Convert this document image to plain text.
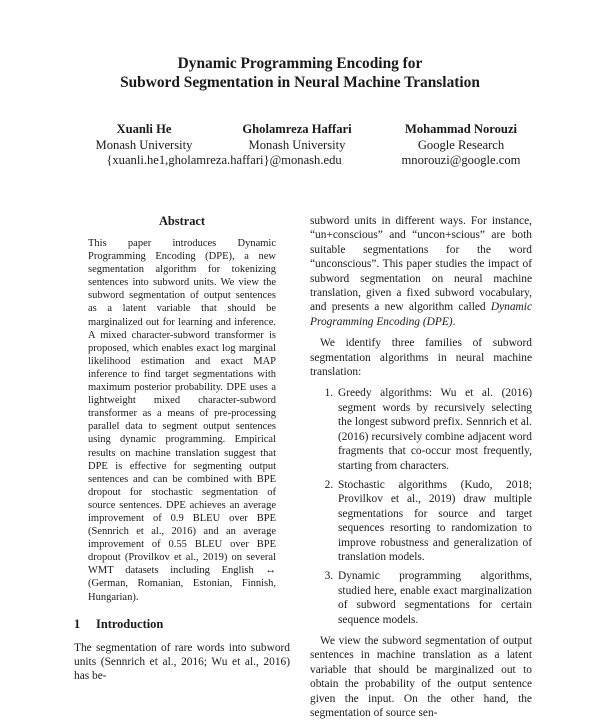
Dynamic Programming Encoding for
Subword Segmentation in Neural Machine Translation
Xuanli He
Monash University
Gholamreza Haffari
Monash University
Mohammad Norouzi
Google Research
{xuanli.he1,gholamreza.haffari}@monash.edu	mnorouzi@google.com
Abstract

This paper introduces Dynamic Programming Encoding (DPE), a new segmentation algorithm for tokenizing sentences into subword units. We view the subword segmentation of output sentences as a latent variable that should be marginalized out for learning and inference. A mixed character-subword transformer is proposed, which enables exact log marginal likelihood estimation and exact MAP inference to find target segmentations with maximum posterior probability. DPE uses a lightweight mixed character-subword transformer as a means of pre-processing parallel data to segment output sentences using dynamic programming. Empirical results on machine translation suggest that DPE is effective for segmenting output sentences and can be combined with BPE dropout for stochastic segmentation of source sentences. DPE achieves an average improvement of 0.9 BLEU over BPE (Sennrich et al., 2016) and an average improvement of 0.55 BLEU over BPE dropout (Provilkov et al., 2019) on several WMT datasets including English ↔ (German, Romanian, Estonian, Finnish, Hungarian).

1 Introduction

The segmentation of rare words into subword units (Sennrich et al., 2016; Wu et al., 2016) has be-

subword units in different ways. For instance, “un+conscious” and “uncon+scious” are both suitable segmentations for the word “unconscious”. This paper studies the impact of subword segmentation on neural machine translation, given a fixed subword vocabulary, and presents a new algorithm called Dynamic Programming Encoding (DPE).

We identify three families of subword segmentation algorithms in neural machine translation:

1. Greedy algorithms: Wu et al. (2016) segment words by recursively selecting the longest subword prefix. Sennrich et al. (2016) recursively combine adjacent word fragments that co-occur most frequently, starting from characters.
2. Stochastic algorithms (Kudo, 2018; Provilkov et al., 2019) draw multiple segmentations for source and target sequences resorting to randomization to improve robustness and generalization of translation models.
3. Dynamic programming algorithms, studied here, enable exact marginalization of subword segmentations for certain sequence models.

We view the subword segmentation of output sentences in machine translation as a latent variable that should be marginalized out to obtain the probability of the output sentence given the input. On the other hand, the segmentation of source sen-
